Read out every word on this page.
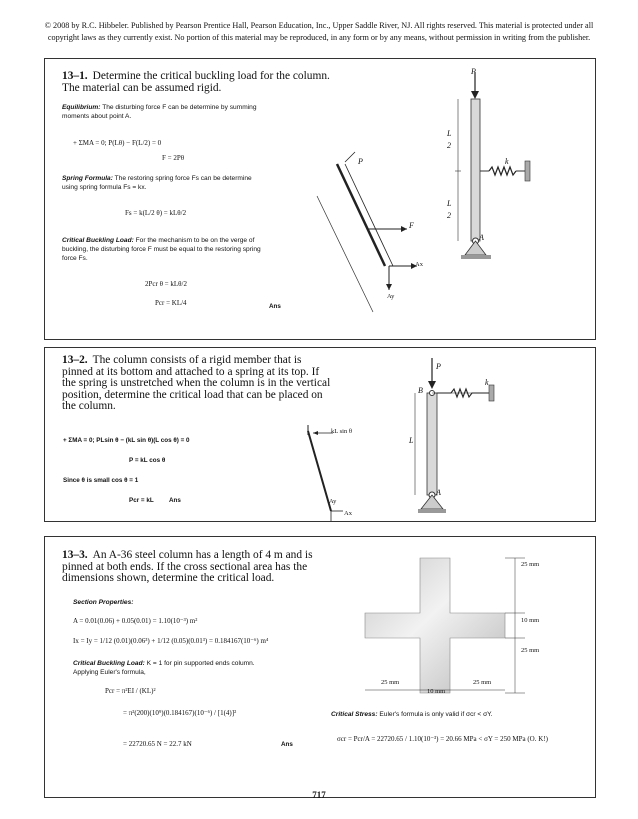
© 2008 by R.C. Hibbeler. Published by Pearson Prentice Hall, Pearson Education, Inc., Upper Saddle River, NJ. All rights reserved. This material is protected under all
copyright laws as they currently exist. No portion of this material may be reproduced, in any form or by any means, without permission in writing from the publisher.
13–1. Determine the critical buckling load for the column.
The material can be assumed rigid.
Equilibrium: The disturbing force F can be determine by summing
moments about point A.
+ ΣMA = 0; P(Lθ) − F(L/2) = 0
F = 2Pθ
Spring Formula: The restoring spring force Fs can be determine
using spring formula Fs = kx.
Fs = k(L/2 θ) = kLθ/2
Critical Buckling Load: For the mechanism to be on the verge of
buckling, the disturbing force F must be equal to the restoring spring
force Fs.
2Pcr θ = kLθ/2
Pcr = KL/4	Ans
P
F
Ax
Ay
P
k
A
L
2
L
2
13–2. The column consists of a rigid member that is
pinned at its bottom and attached to a spring at its top. If
the spring is unstretched when the column is in the vertical
position, determine the critical load that can be placed on
the column.
+ ΣMA = 0; PLsin θ − (kL sin θ)(L cos θ) = 0
P = kL cos θ
Since θ is small cos θ = 1
Pcr = kL Ans
kL sin θ
Ax
Ay
P
k
B
L
A
13–3. An A-36 steel column has a length of 4 m and is
pinned at both ends. If the cross sectional area has the
dimensions shown, determine the critical load.
Section Properties:
A = 0.01(0.06) + 0.05(0.01) = 1.10(10⁻³) m²
Ix = Iy = 1/12 (0.01)(0.06³) + 1/12 (0.05)(0.01³) = 0.184167(10⁻⁶) m⁴
Critical Buckling Load: K = 1 for pin supported ends column.
Applying Euler's formula,
Pcr = π²EI / (KL)²
= π²(200)(10⁹)(0.184167)(10⁻⁶) / [1(4)]²
= 22720.65 N = 22.7 kN	Ans
25 mm
10 mm
25 mm
25 mm	25 mm
10 mm
Critical Stress: Euler's formula is only valid if σcr < σY.
σcr = Pcr/A = 22720.65 / 1.10(10⁻³) = 20.66 MPa < σY = 250 MPa (O. K!)
717
